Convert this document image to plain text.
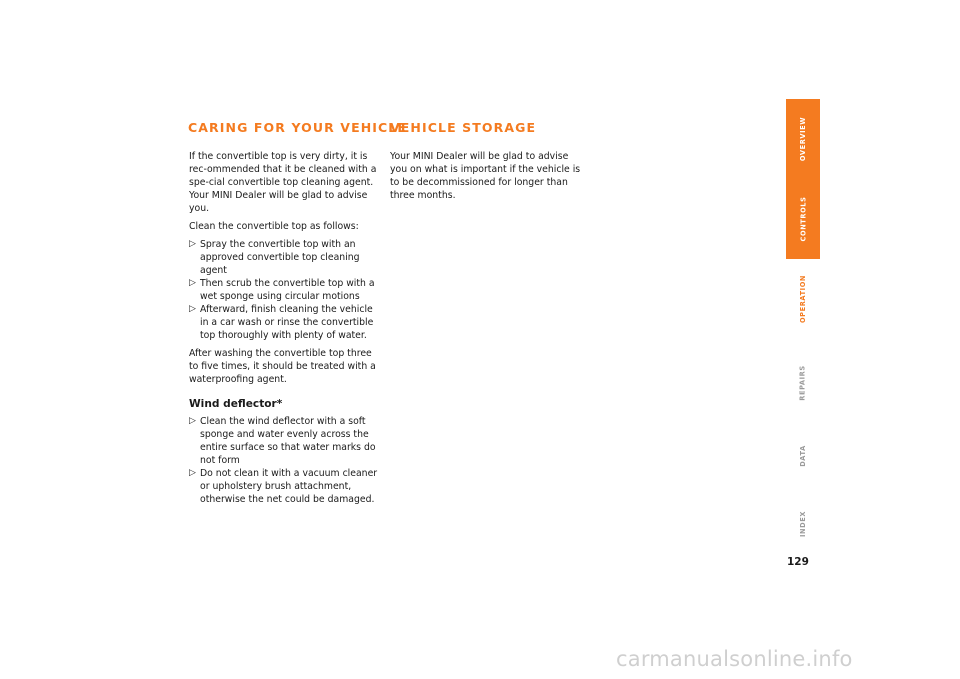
CARING FOR YOUR VEHICLE

If the convertible top is very dirty, it is rec-ommended that it be cleaned with a spe-cial convertible top cleaning agent. Your MINI Dealer will be glad to advise you.

Clean the convertible top as follows:

▷ Spray the convertible top with an approved convertible top cleaning agent
▷ Then scrub the convertible top with a wet sponge using circular motions
▷ Afterward, finish cleaning the vehicle in a car wash or rinse the convertible top thoroughly with plenty of water.

After washing the convertible top three to five times, it should be treated with a waterproofing agent.

Wind deflector*

▷ Clean the wind deflector with a soft sponge and water evenly across the entire surface so that water marks do not form
▷ Do not clean it with a vacuum cleaner or upholstery brush attachment, otherwise the net could be damaged.
VEHICLE STORAGE

Your MINI Dealer will be glad to advise you on what is important if the vehicle is to be decommissioned for longer than three months.

OVERVIEW
CONTROLS
OPERATION
REPAIRS
DATA
INDEX
129
carmanualsonline.info
